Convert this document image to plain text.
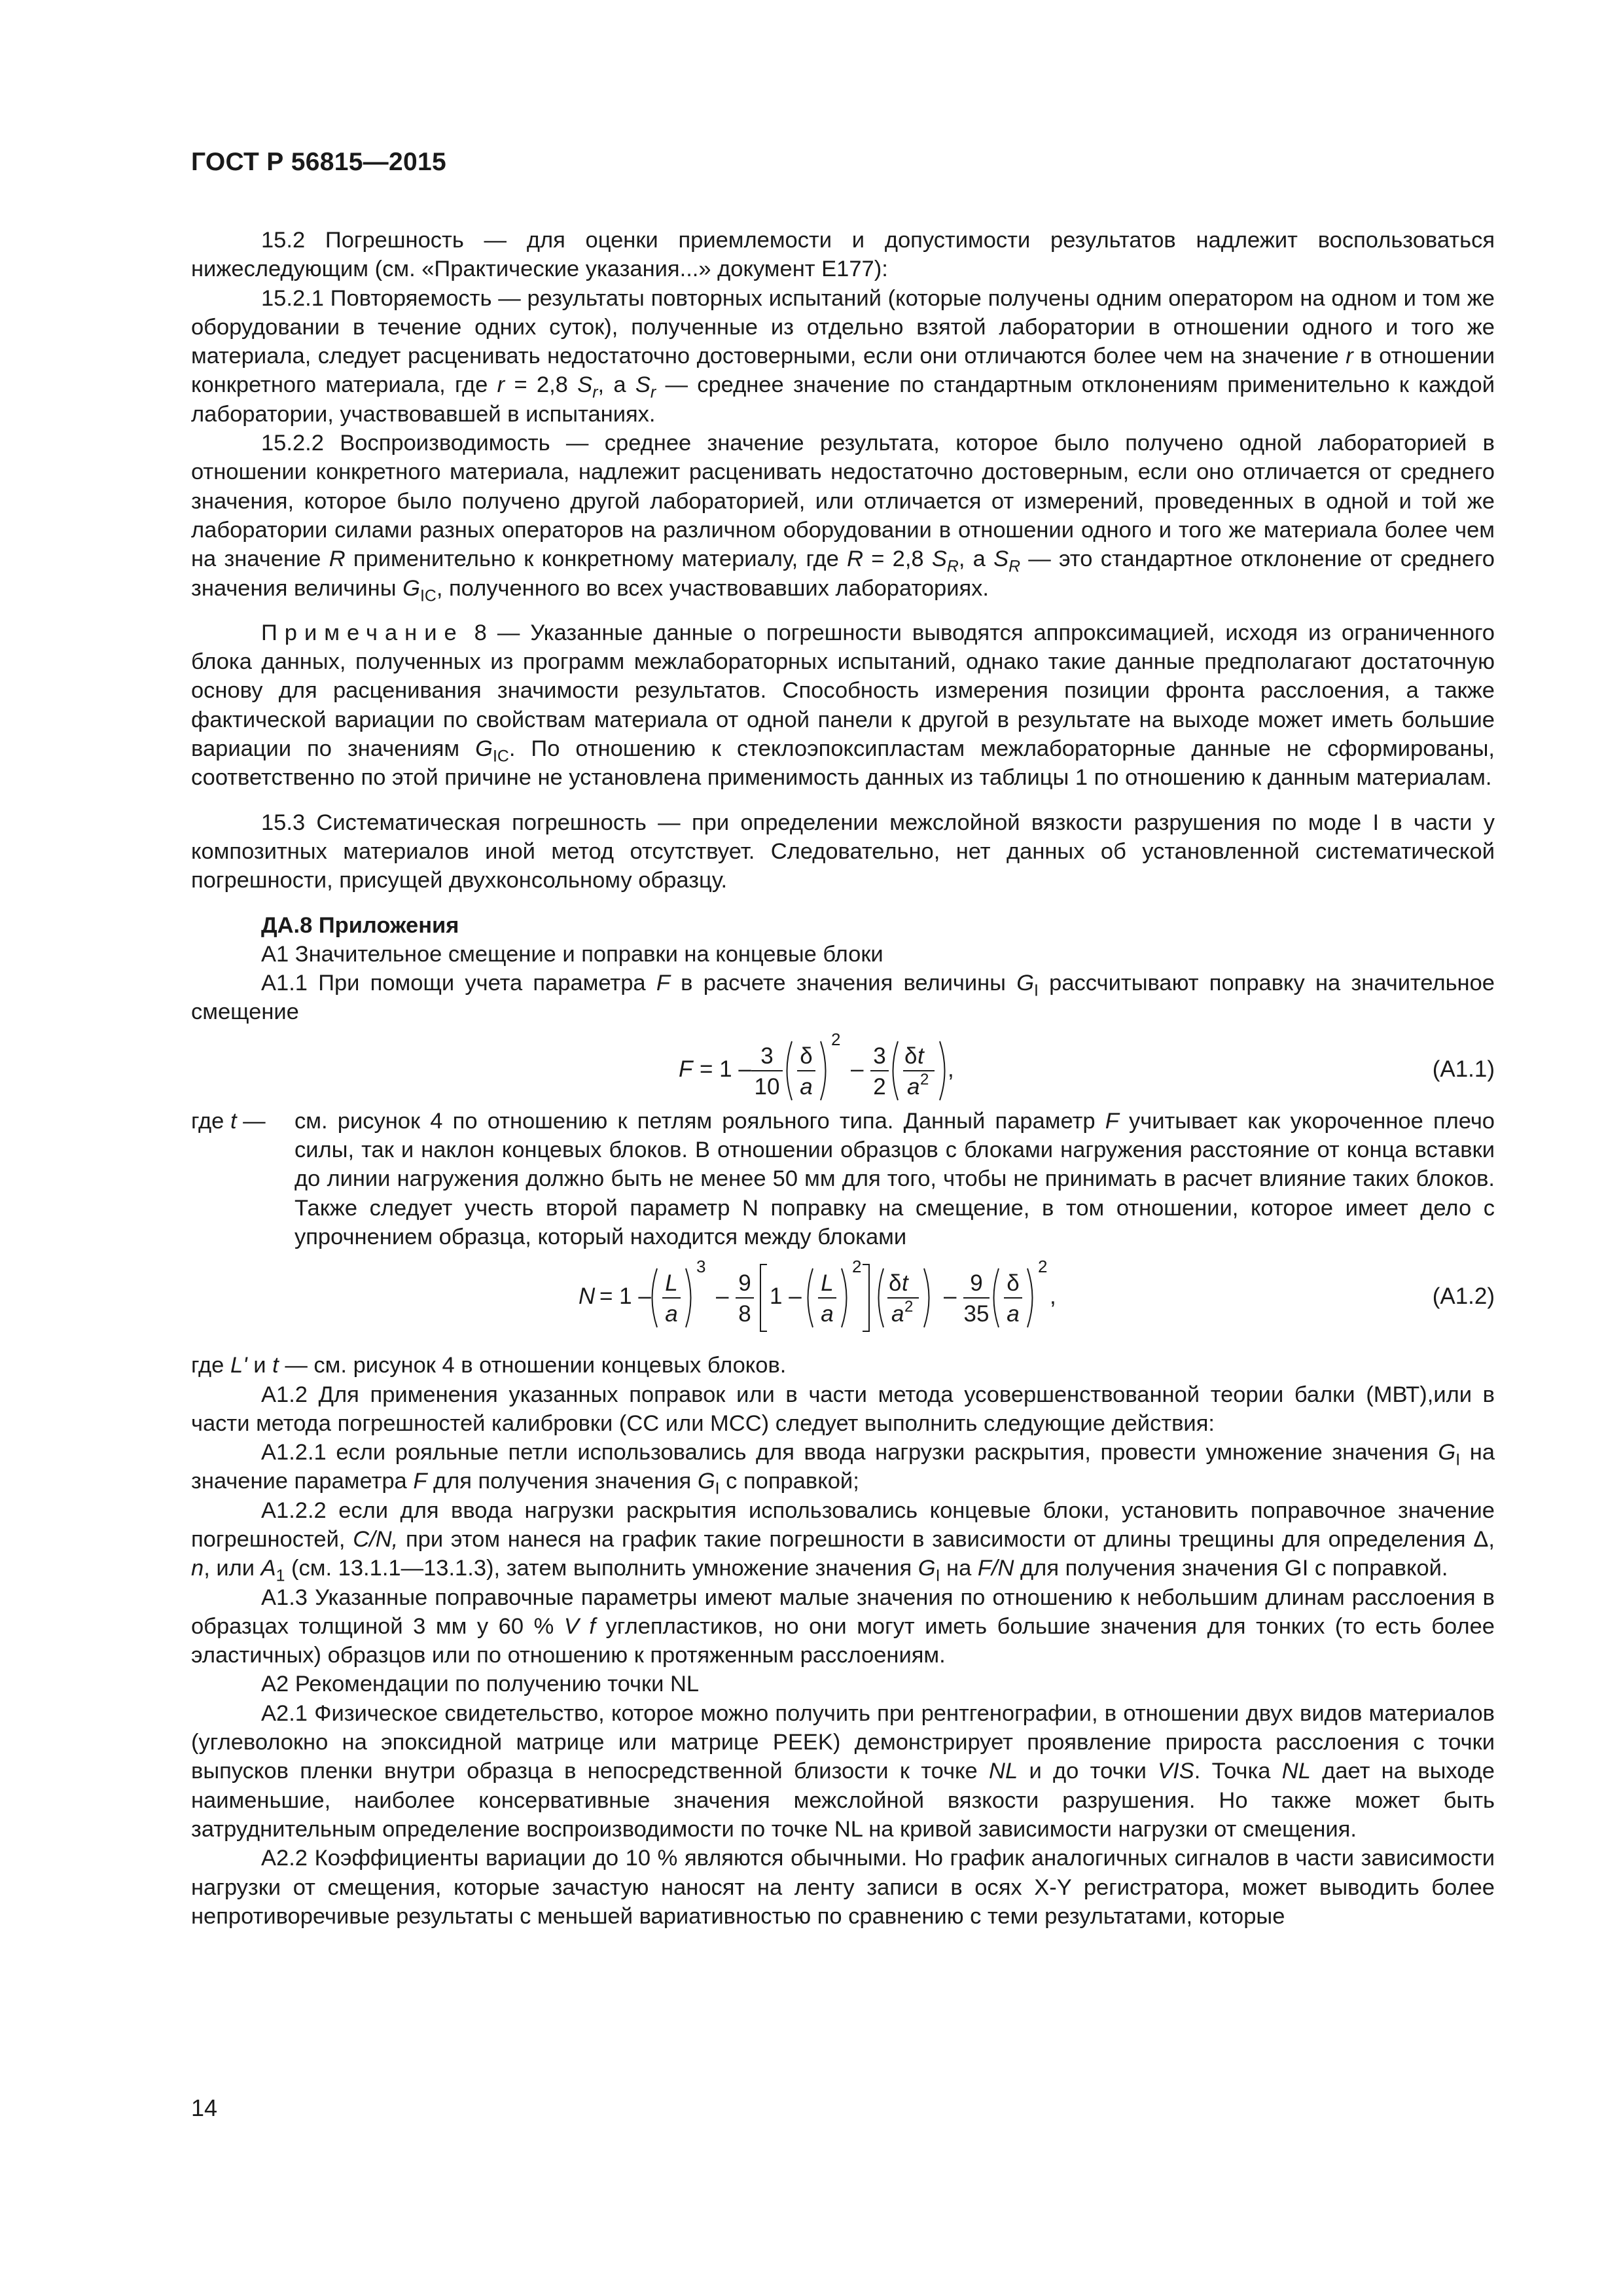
ГОСТ Р 56815—2015

15.2 Погрешность — для оценки приемлемости и допустимости результатов надлежит воспользоваться нижеследующим (см. «Практические указания...» документ E177):

15.2.1 Повторяемость — результаты повторных испытаний (которые получены одним оператором на одном и том же оборудовании в течение одних суток), полученные из отдельно взятой лаборатории в отношении одного и того же материала, следует расценивать недостаточно достоверными, если они отличаются более чем на значение r в отношении конкретного материала, где r = 2,8 $S_r$, а $S_r$ — среднее значение по стандартным отклонениям применительно к каждой лаборатории, участвовавшей в испытаниях.

15.2.2 Воспроизводимость — среднее значение результата, которое было получено одной лабораторией в отношении конкретного материала, надлежит расценивать недостаточно достоверным, если оно отличается от среднего значения, которое было получено другой лабораторией, или отличается от измерений, проведенных в одной и той же лаборатории силами разных операторов на различном оборудовании в отношении одного и того же материала более чем на значение R применительно к конкретному материалу, где R = 2,8 $S_R$, а $S_R$ — это стандартное отклонение от среднего значения величины $G_{IC}$, полученного во всех участвовавших лабораториях.

Примечание 8 — Указанные данные о погрешности выводятся аппроксимацией, исходя из ограниченного блока данных, полученных из программ межлабораторных испытаний, однако такие данные предполагают достаточную основу для расценивания значимости результатов. Способность измерения позиции фронта расслоения, а также фактической вариации по свойствам материала от одной панели к другой в результате на выходе может иметь большие вариации по значениям $G_{IC}$. По отношению к стеклоэпоксипластам межлабораторные данные не сформированы, соответственно по этой причине не установлена применимость данных из таблицы 1 по отношению к данным материалам.

15.3 Систематическая погрешность — при определении межслойной вязкости разрушения по моде I в части у композитных материалов иной метод отсутствует. Следовательно, нет данных об установленной систематической погрешности, присущей двухконсольному образцу.

ДА.8 Приложения

А1 Значительное смещение и поправки на концевые блоки

А1.1 При помощи учета параметра F в расчете значения величины $G_I$ рассчитывают поправку на значительное смещение

F = 1 –
3
10
δ
a
2
–
3
2
δ t
a 2 ,	(А1.1)
где t —	см. рисунок 4 по отношению к петлям рояльного типа. Данный параметр F учитывает как укороченное плечо силы, так и наклон концевых блоков. В отношении образцов с блоками нагружения расстояние от конца вставки до линии нагружения должно быть не менее 50 мм для того, чтобы не принимать в расчет влияние таких блоков. Также следует учесть второй параметр N поправку на смещение, в том отношении, которое имеет дело с упрочнением образца, который находится между блоками
N = 1 –
L
a
3
–
9
8
1 –
L
a
2
δ t
a 2 –
9
35
δ
a
2
,	(А1.2)

где L' и t — см. рисунок 4 в отношении концевых блоков.

А1.2 Для применения указанных поправок или в части метода усовершенствованной теории балки (МВТ),или в части метода погрешностей калибровки (СС или МСС) следует выполнить следующие действия:

А1.2.1 если рояльные петли использовались для ввода нагрузки раскрытия, провести умножение значения $G_I$ на значение параметра F для получения значения $G_I$ с поправкой;

А1.2.2 если для ввода нагрузки раскрытия использовались концевые блоки, установить поправочное значение погрешностей, C/N, при этом нанеся на график такие погрешности в зависимости от длины трещины для определения Δ, n, или $A_1$ (см. 13.1.1—13.1.3), затем выполнить умножение значения $G_I$ на F/N для получения значения GI с поправкой.

А1.3 Указанные поправочные параметры имеют малые значения по отношению к небольшим длинам расслоения в образцах толщиной 3 мм у 60 % V f углепластиков, но они могут иметь большие значения для тонких (то есть более эластичных) образцов или по отношению к протяженным расслоениям.

А2 Рекомендации по получению точки NL

А2.1 Физическое свидетельство, которое можно получить при рентгенографии, в отношении двух видов материалов (углеволокно на эпоксидной матрице или матрице PEEK) демонстрирует проявление прироста расслоения с точки выпусков пленки внутри образца в непосредственной близости к точке NL и до точки VIS. Точка NL дает на выходе наименьшие, наиболее консервативные значения межслойной вязкости разрушения. Но также может быть затруднительным определение воспроизводимости по точке NL на кривой зависимости нагрузки от смещения.

А2.2 Коэффициенты вариации до 10 % являются обычными. Но график аналогичных сигналов в части зависимости нагрузки от смещения, которые зачастую наносят на ленту записи в осях X-Y регистратора, может выводить более непротиворечивые результаты с меньшей вариативностью по сравнению с теми результатами, которые

14
